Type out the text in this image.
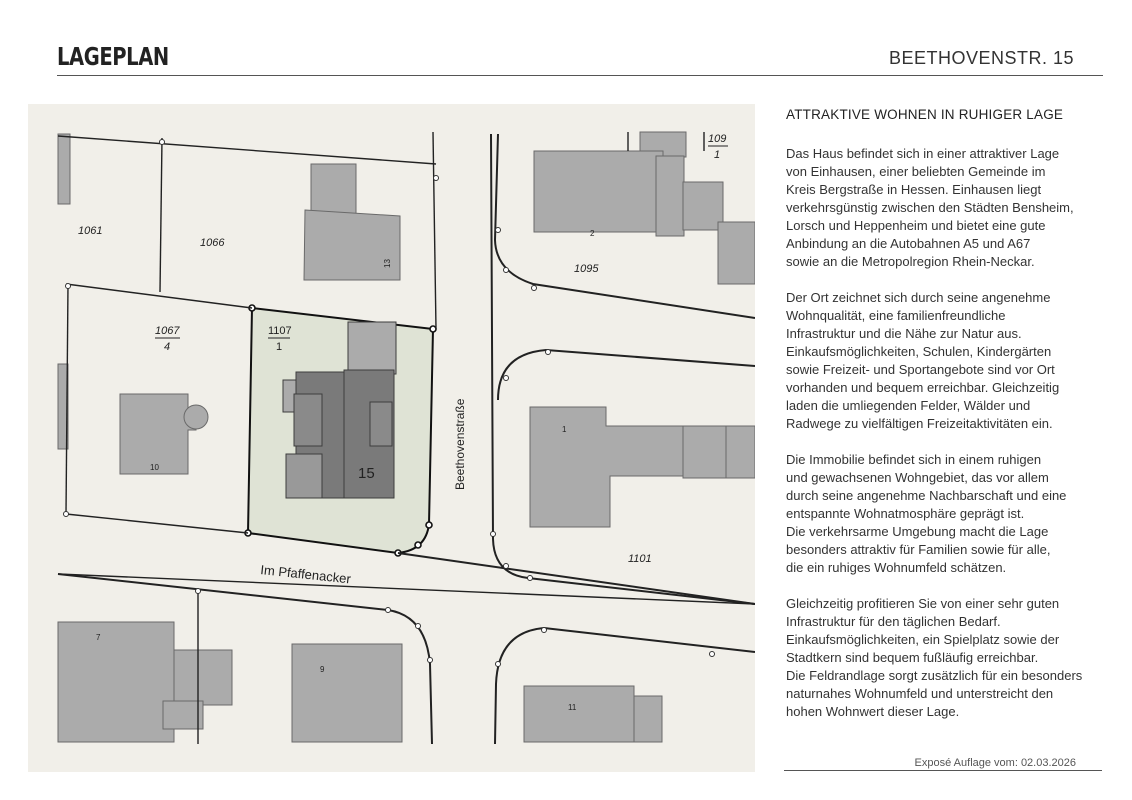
LAGEPLAN	BEETHOVENSTR. 15
1061
1066
1067
4
1107
1
1095
1101
109
1
15
13
10
2
1
7
9
11
Beethovenstraße
Im Pfaffenacker
ATTRAKTIVE WOHNEN IN RUHIGER LAGE
Das Haus befindet sich in einer attraktiver Lage
von Einhausen, einer beliebten Gemeinde im
Kreis Bergstraße in Hessen. Einhausen liegt
verkehrsgünstig zwischen den Städten Bensheim,
Lorsch und Heppenheim und bietet eine gute
Anbindung an die Autobahnen A5 und A67
sowie an die Metropolregion Rhein-Neckar.
Der Ort zeichnet sich durch seine angenehme
Wohnqualität, eine familienfreundliche
Infrastruktur und die Nähe zur Natur aus.
Einkaufsmöglichkeiten, Schulen, Kindergärten
sowie Freizeit- und Sportangebote sind vor Ort
vorhanden und bequem erreichbar. Gleichzeitig
laden die umliegenden Felder, Wälder und
Radwege zu vielfältigen Freizeitaktivitäten ein.
Die Immobilie befindet sich in einem ruhigen
und gewachsenen Wohngebiet, das vor allem
durch seine angenehme Nachbarschaft und eine
entspannte Wohnatmosphäre geprägt ist.
Die verkehrsarme Umgebung macht die Lage
besonders attraktiv für Familien sowie für alle,
die ein ruhiges Wohnumfeld schätzen.
Gleichzeitig profitieren Sie von einer sehr guten
Infrastruktur für den täglichen Bedarf.
Einkaufsmöglichkeiten, ein Spielplatz sowie der
Stadtkern sind bequem fußläufig erreichbar.
Die Feldrandlage sorgt zusätzlich für ein besonders
naturnahes Wohnumfeld und unterstreicht den
hohen Wohnwert dieser Lage.
Exposé Auflage vom: 02.03.2026
